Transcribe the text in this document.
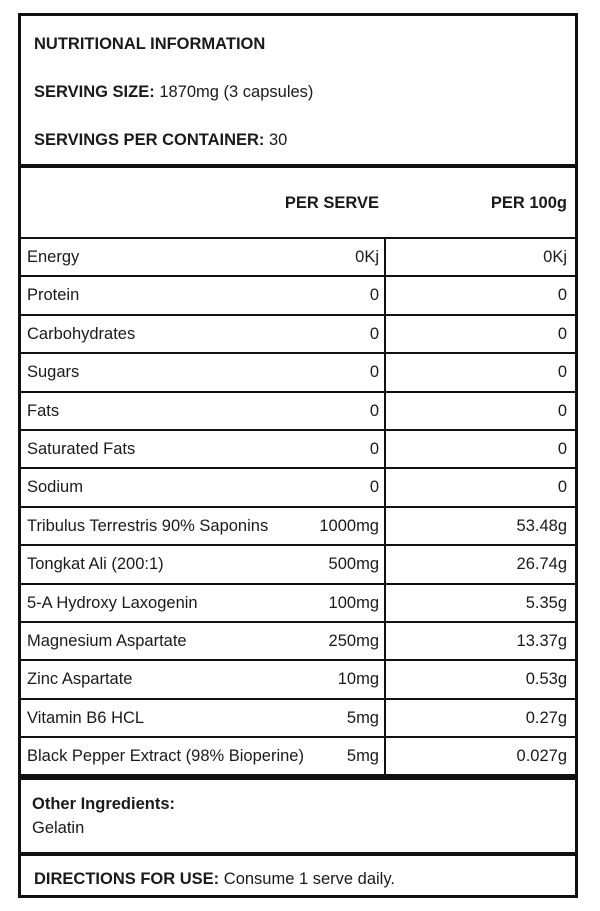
NUTRITIONAL INFORMATION
SERVING SIZE: 1870mg (3 capsules)
SERVINGS PER CONTAINER: 30
PER SERVE	PER 100g
Energy	0Kj	0Kj
Protein	0	0
Carbohydrates	0	0
Sugars	0	0
Fats	0	0
Saturated Fats	0	0
Sodium	0	0
Tribulus Terrestris 90% Saponins	1000mg	53.48g
Tongkat Ali (200:1)	500mg	26.74g
5-A Hydroxy Laxogenin	100mg	5.35g
Magnesium Aspartate	250mg	13.37g
Zinc Aspartate	10mg	0.53g
Vitamin B6 HCL	5mg	0.27g
Black Pepper Extract (98% Bioperine)	5mg	0.027g
Other Ingredients:
Gelatin
DIRECTIONS FOR USE: Consume 1 serve daily.
